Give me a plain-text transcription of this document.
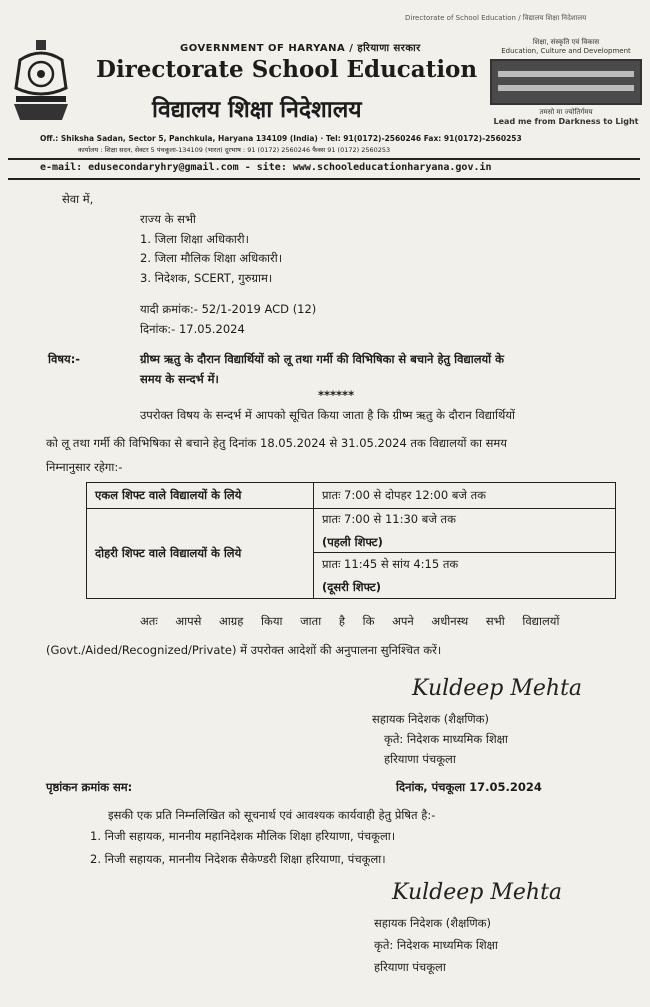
Directorate of School Education / विद्यालय शिक्षा निदेशालय
GOVERNMENT OF HARYANA / हरियाणा सरकार
Directorate School Education
विद्यालय शिक्षा निदेशालय
शिक्षा, संस्कृति एवं विकास
Education, Culture and Development
तमसो मा ज्योतिर्गमय
Lead me from Darkness to Light
Off.: Shiksha Sadan, Sector 5, Panchkula, Haryana 134109 (India) · Tel: 91(0172)-2560246 Fax: 91(0172)-2560253
कार्यालय : शिक्षा सदन, सेक्टर 5 पंचकूला-134109 (भारत) दूरभाष : 91 (0172) 2560246 फैक्स 91 (0172) 2560253
e-mail: edusecondaryhry@gmail.com - site: www.schooleducationharyana.gov.in
सेवा में,
राज्य के सभी
1. जिला शिक्षा अधिकारी।
2. जिला मौलिक शिक्षा अधिकारी।
3. निदेशक, SCERT, गुरुग्राम।
यादी क्रमांक:- 52/1-2019 ACD (12)
दिनांक:- 17.05.2024
विषय:-	ग्रीष्म ऋतु के दौरान विद्यार्थियों को लू तथा गर्मी की विभिषिका से बचाने हेतु विद्यालयों के
समय के सन्दर्भ में।
******
उपरोक्त विषय के सन्दर्भ में आपको सूचित किया जाता है कि ग्रीष्म ऋतु के दौरान विद्यार्थियों
को लू तथा गर्मी की विभिषिका से बचाने हेतु दिनांक 18.05.2024 से 31.05.2024 तक विद्यालयों का समय
निम्नानुसार रहेगा:-
एकल शिफ्ट वाले विद्यालयों के लिये	प्रातः 7:00 से दोपहर 12:00 बजे तक
दोहरी शिफ्ट वाले विद्यालयों के लिये	प्रातः 7:00 से 11:30 बजे तक
(पहली शिफ्ट)

	प्रातः 11:45 से सांय 4:15 तक
(दूसरी शिफ्ट)
अतः आपसे आग्रह किया जाता है कि अपने अधीनस्थ सभी विद्यालयों
(Govt./Aided/Recognized/Private) में उपरोक्त आदेशों की अनुपालना सुनिश्चित करें।
Kuldeep Mehta
सहायक निदेशक (शैक्षणिक)
कृते: निदेशक माध्यमिक शिक्षा
हरियाणा पंचकूला
पृष्ठांकन क्रमांक सम:	दिनांक, पंचकूला 17.05.2024
इसकी एक प्रति निम्नलिखित को सूचनार्थ एवं आवश्यक कार्यवाही हेतु प्रेषित है:-
1. निजी सहायक, माननीय महानिदेशक मौलिक शिक्षा हरियाणा, पंचकूला।
2. निजी सहायक, माननीय निदेशक सैकेण्डरी शिक्षा हरियाणा, पंचकूला।
Kuldeep Mehta
सहायक निदेशक (शैक्षणिक)
कृते: निदेशक माध्यमिक शिक्षा
हरियाणा पंचकूला
